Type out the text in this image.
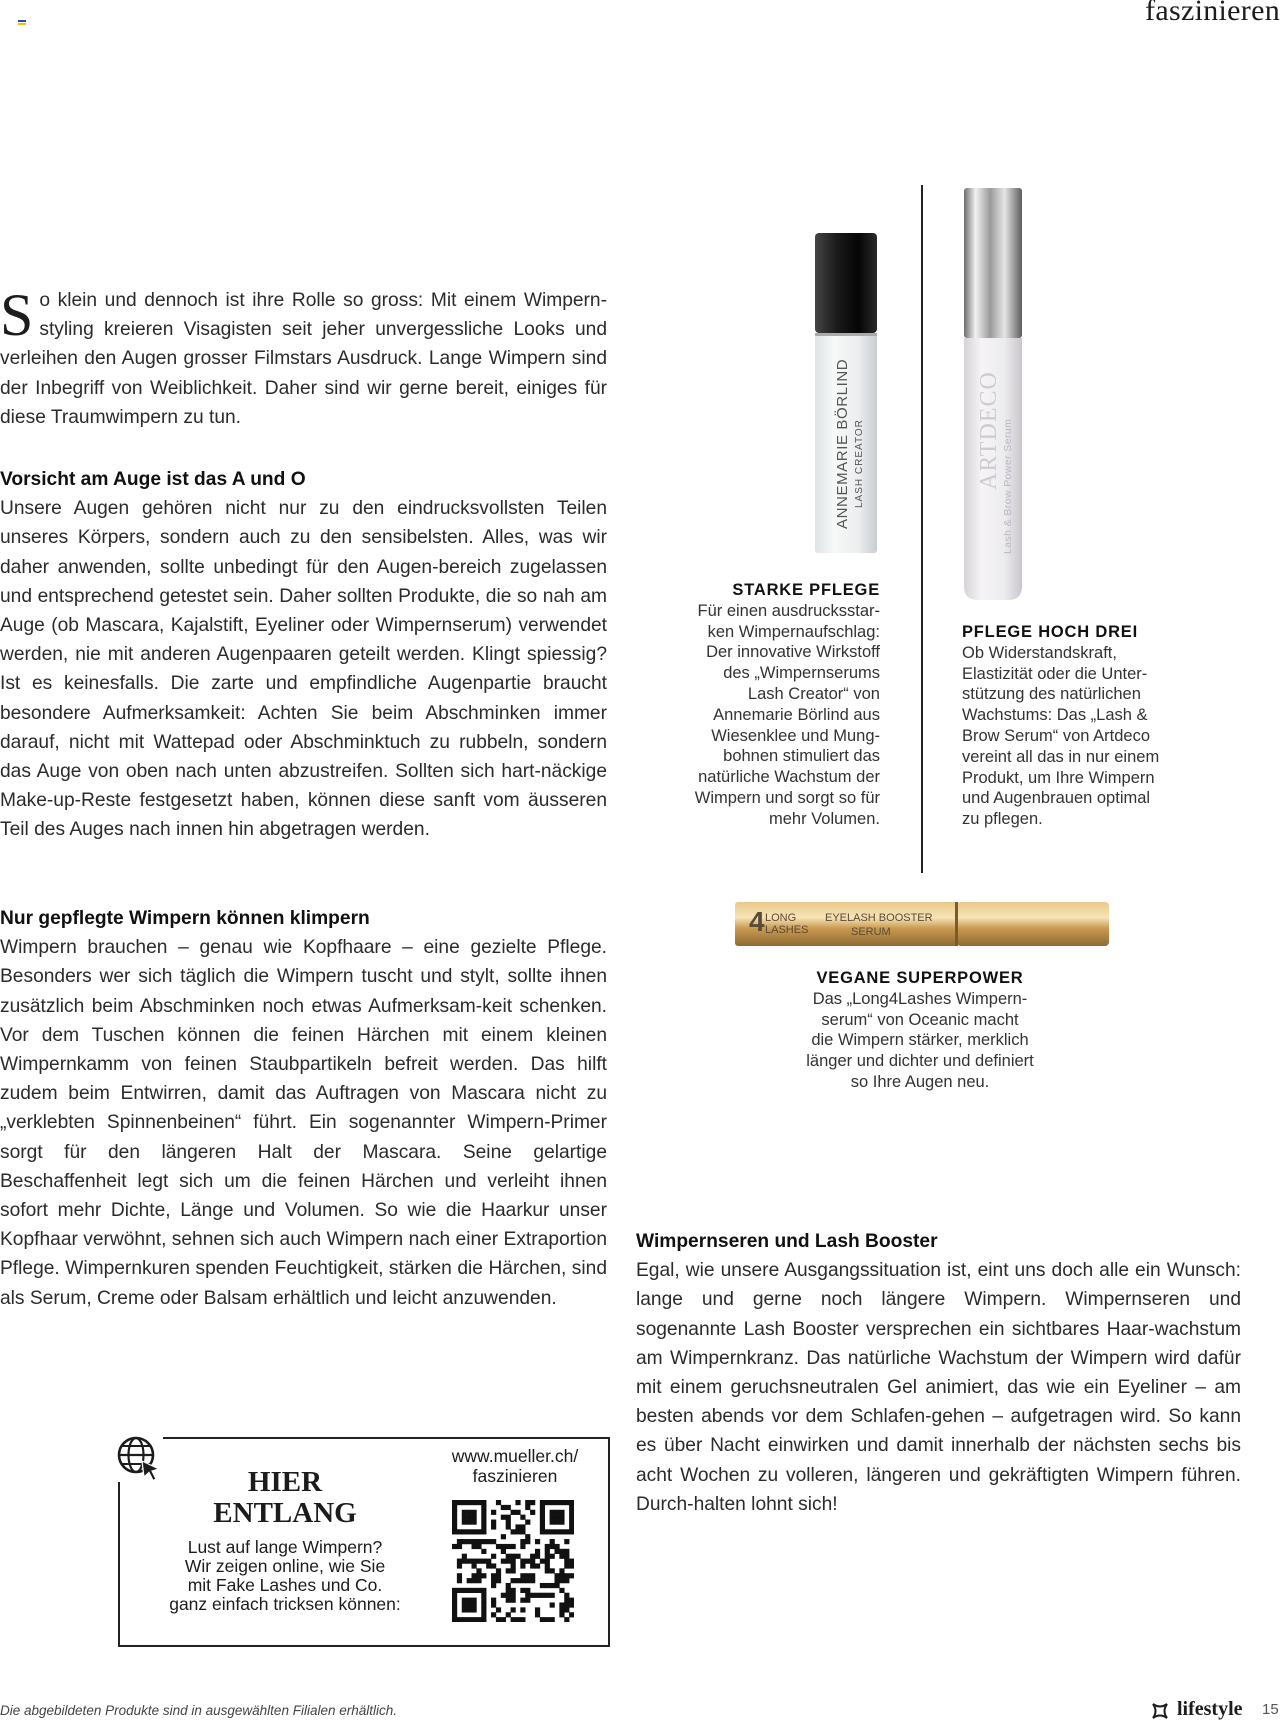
faszinieren
S o klein und dennoch ist ihre Rolle so gross: Mit einem Wimpern-styling kreieren Visagisten seit jeher unvergessliche Looks und verleihen den Augen grosser Filmstars Ausdruck. Lange Wimpern sind der Inbegriff von Weiblichkeit. Daher sind wir gerne bereit, einiges für diese Traumwimpern zu tun.

Vorsicht am Auge ist das A und O

Unsere Augen gehören nicht nur zu den eindrucksvollsten Teilen unseres Körpers, sondern auch zu den sensibelsten. Alles, was wir daher anwenden, sollte unbedingt für den Augen-bereich zugelassen und entsprechend getestet sein. Daher sollten Produkte, die so nah am Auge (ob Mascara, Kajalstift, Eyeliner oder Wimpernserum) verwendet werden, nie mit anderen Augenpaaren geteilt werden. Klingt spiessig? Ist es keinesfalls. Die zarte und empfindliche Augenpartie braucht besondere Aufmerksamkeit: Achten Sie beim Abschminken immer darauf, nicht mit Wattepad oder Abschminktuch zu rubbeln, sondern das Auge von oben nach unten abzustreifen. Sollten sich hart-näckige Make-up-Reste festgesetzt haben, können diese sanft vom äusseren Teil des Auges nach innen hin abgetragen werden.

Nur gepflegte Wimpern können klimpern

Wimpern brauchen – genau wie Kopfhaare – eine gezielte Pflege. Besonders wer sich täglich die Wimpern tuscht und stylt, sollte ihnen zusätzlich beim Abschminken noch etwas Aufmerksam-keit schenken. Vor dem Tuschen können die feinen Härchen mit einem kleinen Wimpernkamm von feinen Staubpartikeln befreit werden. Das hilft zudem beim Entwirren, damit das Auftragen von Mascara nicht zu „verklebten Spinnenbeinen“ führt. Ein sogenannter Wimpern-Primer sorgt für den längeren Halt der Mascara. Seine gelartige Beschaffenheit legt sich um die feinen Härchen und verleiht ihnen sofort mehr Dichte, Länge und Volumen. So wie die Haarkur unser Kopfhaar verwöhnt, sehnen sich auch Wimpern nach einer Extraportion Pflege. Wimpernkuren spenden Feuchtigkeit, stärken die Härchen, sind als Serum, Creme oder Balsam erhältlich und leicht anzuwenden.

Wimpernseren und Lash Booster

Egal, wie unsere Ausgangssituation ist, eint uns doch alle ein Wunsch: lange und gerne noch längere Wimpern. Wimpernseren und sogenannte Lash Booster versprechen ein sichtbares Haar-wachstum am Wimpernkranz. Das natürliche Wachstum der Wimpern wird dafür mit einem geruchsneutralen Gel animiert, das wie ein Eyeliner – am besten abends vor dem Schlafen-gehen – aufgetragen wird. So kann es über Nacht einwirken und damit innerhalb der nächsten sechs bis acht Wochen zu volleren, längeren und gekräftigten Wimpern führen. Durch-halten lohnt sich!

ANNEMARIE BÖRLIND LASH CREATOR	ARTDECO Lash & Brow Power Serum
4 LONG
LASHES
EYELASH BOOSTER
SERUM
STARKE PFLEGE
Für einen ausdrucksstar-
ken Wimpernaufschlag:
Der innovative Wirkstoff
des „Wimpernserums
Lash Creator“ von
Annemarie Börlind aus
Wiesenklee und Mung-
bohnen stimuliert das
natürliche Wachstum der
Wimpern und sorgt so für
mehr Volumen.
PFLEGE HOCH DREI
Ob Widerstandskraft,
Elastizität oder die Unter-
stützung des natürlichen
Wachstums: Das „Lash &
Brow Serum“ von Artdeco
vereint all das in nur einem
Produkt, um Ihre Wimpern
und Augenbrauen optimal
zu pflegen.
VEGANE SUPERPOWER
Das „Long4Lashes Wimpern-
serum“ von Oceanic macht
die Wimpern stärker, merklich
länger und dichter und definiert
so Ihre Augen neu.
HIER
ENTLANG
Lust auf lange Wimpern?
Wir zeigen online, wie Sie
mit Fake Lashes und Co.
ganz einfach tricksen können:
www.mueller.ch/
faszinieren
Die abgebildeten Produkte sind in ausgewählten Filialen erhältlich.	lifestyle 15
